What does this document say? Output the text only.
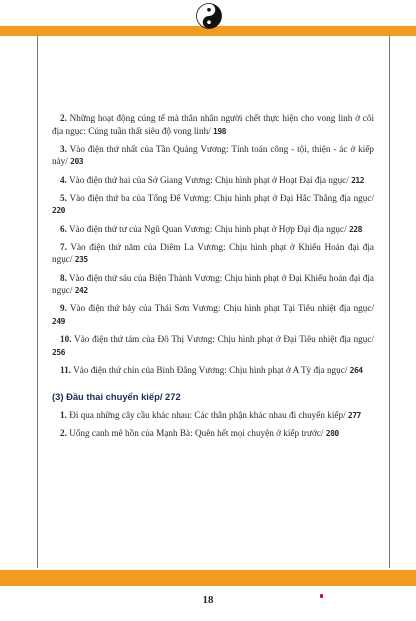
2. Những hoạt động cúng tế mà thân nhân người chết thực hiện cho vong linh ở cõi địa ngục: Cúng tuần thất siêu độ vong linh/ 198

3. Vào điện thứ nhất của Tần Quảng Vương: Tính toán công - tội, thiện - ác ở kiếp này/ 203

4. Vào điện thứ hai của Sở Giang Vương: Chịu hình phạt ở Hoạt Đại địa ngục/ 212

5. Vào điện thứ ba của Tống Đế Vương: Chịu hình phạt ở Đại Hắc Thằng địa ngục/ 220

6. Vào điện thứ tư của Ngũ Quan Vương: Chịu hình phạt ở Hợp Đại địa ngục/ 228

7. Vào điện thứ năm của Diêm La Vương: Chịu hình phạt ở Khiếu Hoán đại địa ngục/ 235

8. Vào điện thứ sáu của Biện Thành Vương: Chịu hình phạt ở Đại Khiếu hoán đại địa ngục/ 242

9. Vào điện thứ bảy của Thái Sơn Vương: Chịu hình phạt Tại Tiêu nhiệt địa ngục/ 249

10. Vào điện thứ tám của Đô Thị Vương: Chịu hình phạt ở Đại Tiêu nhiệt địa ngục/ 256

11. Vào điện thứ chín của Bình Đẳng Vương: Chịu hình phạt ở A Tỳ địa ngục/ 264

(3) Đầu thai chuyển kiếp/ 272

1. Đi qua những cây cầu khác nhau: Các thân phận khác nhau đi chuyển kiếp/ 277

2. Uống canh mê hồn của Mạnh Bà: Quên hết mọi chuyện ở kiếp trước/ 280

18
